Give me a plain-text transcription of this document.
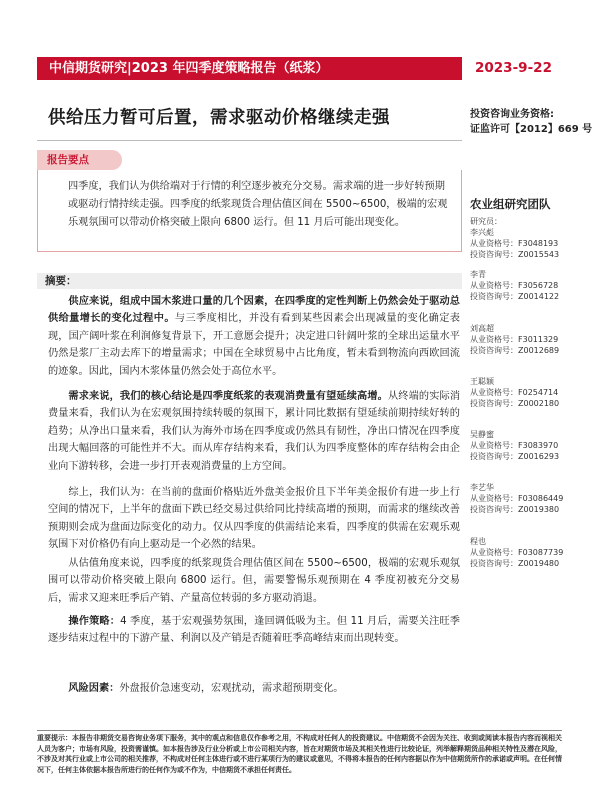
中信期货研究|2023 年四季度策略报告（纸浆）	2023-9-22
供给压力暂可后置，需求驱动价格继续走强	投资咨询业务资格:
证监许可【2012】669 号
报告要点
四季度，我们认为供给端对于行情的利空逐步被充分交易。需求端的进一步好转预期或驱动行情持续走强。四季度的纸浆现货合理估值区间在 5500~6500，极端的宏观乐观氛围可以带动价格突破上限向 6800 运行。但 11 月后可能出现变化。
摘要：
供应来说，组成中国木浆进口量的几个因素，在四季度的定性判断上仍然会处于驱动总供给量增长的变化过程中。与三季度相比，并没有看到某些因素会出现减量的变化确定表现，国产阔叶浆在利润修复背景下，开工意愿会提升；决定进口针阔叶浆的全球出运量水平仍然是浆厂主动去库下的增量需求；中国在全球贸易中占比角度，暂未看到物流向西欧回流的迹象。因此，国内木浆体量仍然会处于高位水平。
需求来说，我们的核心结论是四季度纸浆的表观消费量有望延续高增。从终端的实际消费量来看，我们认为在宏观氛围持续转暖的氛围下，累计同比数据有望延续前期持续好转的趋势；从净出口量来看，我们认为海外市场在四季度或仍然具有韧性，净出口情况在四季度出现大幅回落的可能性并不大。而从库存结构来看，我们认为四季度整体的库存结构会由企业向下游转移，会进一步打开表观消费量的上方空间。
综上，我们认为：在当前的盘面价格贴近外盘美金报价且下半年美金报价有进一步上行空间的情况下，上半年的盘面下跌已经交易过供给同比持续高增的预期，而需求的继续改善预期则会成为盘面边际变化的动力。仅从四季度的供需结论来看，四季度的供需在宏观乐观氛围下对价格仍有向上驱动是一个必然的结果。
从估值角度来说，四季度的纸浆现货合理估值区间在 5500~6500，极端的宏观乐观氛围可以带动价格突破上限向 6800 运行。但，需要警惕乐观预期在 4 季度初被充分交易后，需求又迎来旺季后产销、产量高位转弱的多方驱动消退。
操作策略：4 季度，基于宏观强势氛围，逢回调低吸为主。但 11 月后，需要关注旺季逐步结束过程中的下游产量、利润以及产销是否随着旺季高峰结束而出现转变。
风险因素：外盘报价急速变动，宏观扰动，需求超预期变化。
农业组研究团队
研究员：
李兴彪
从业资格号：F3048193
投资咨询号：Z0015543
李青
从业资格号：F3056728
投资咨询号：Z0014122
刘高超
从业资格号：F3011329
投资咨询号：Z0012689
王聪颖
从业资格号：F0254714
投资咨询号：Z0002180
吴静蜜
从业资格号：F3083970
投资咨询号：Z0016293
李艺华
从业资格号：F03086449
投资咨询号：Z0019380
程也
从业资格号：F03087739
投资咨询号：Z0019480
重要提示：本报告非期货交易咨询业务项下服务，其中的观点和信息仅作参考之用，不构成对任何人的投资建议。中信期货不会因为关注、收到或阅读本报告内容而视相关人员为客户；市场有风险，投资需谨慎。如本报告涉及行业分析或上市公司相关内容，旨在对期货市场及其相关性进行比较论证，列举解释期货品种相关特性及潜在风险，不涉及对其行业或上市公司的相关推荐，不构成对任何主体进行或不进行某项行为的建议或意见，不得将本报告的任何内容据以作为中信期货所作的承诺或声明。在任何情况下，任何主体依据本报告所进行的任何作为或不作为，中信期货不承担任何责任。
